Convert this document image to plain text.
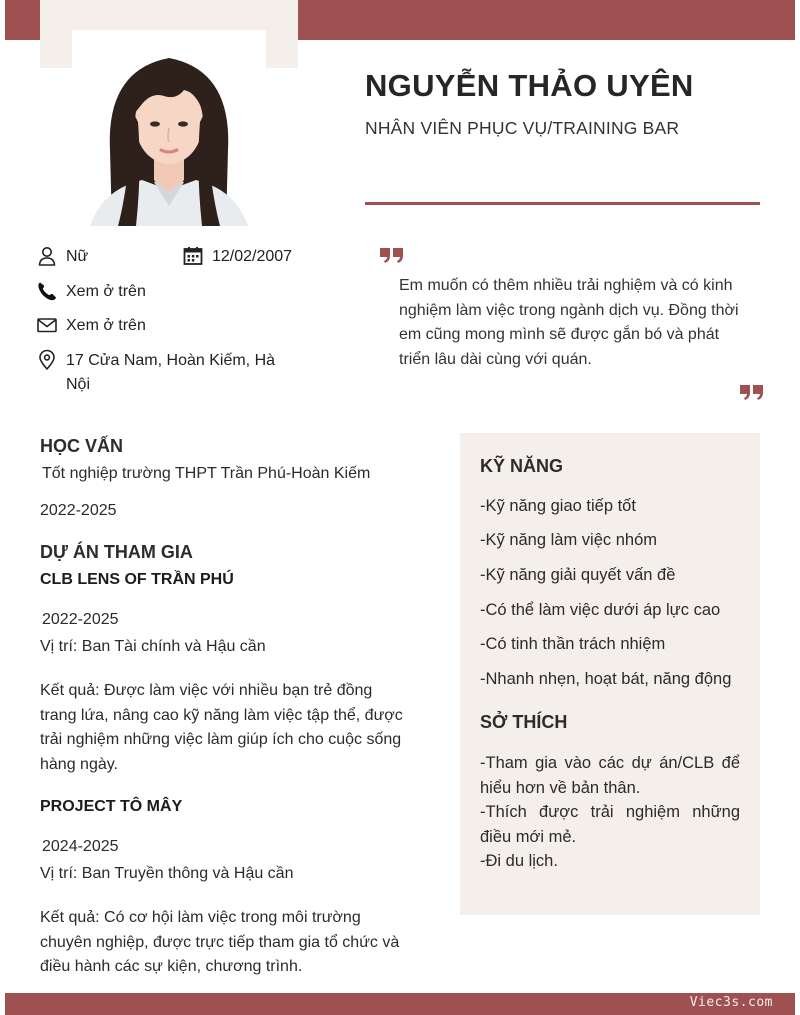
NGUYỄN THẢO UYÊN
NHÂN VIÊN PHỤC VỤ/TRAINING BAR
Nữ	12/02/2007
Xem ở trên
Xem ở trên
17 Cửa Nam, Hoàn Kiếm, Hà Nội
Em muốn có thêm nhiều trải nghiệm và có kinh nghiệm làm việc trong ngành dịch vụ. Đồng thời em cũng mong mình sẽ được gắn bó và phát triển lâu dài cùng với quán.
HỌC VẤN
Tốt nghiệp trường THPT Trần Phú-Hoàn Kiếm
2022-2025
DỰ ÁN THAM GIA
CLB LENS OF TRẦN PHÚ
2022-2025
Vị trí: Ban Tài chính và Hậu cần
Kết quả: Được làm việc với nhiều bạn trẻ đồng trang lứa, nâng cao kỹ năng làm việc tập thể, được trải nghiệm những việc làm giúp ích cho cuộc sống hàng ngày.
PROJECT TÔ MÂY
2024-2025
Vị trí: Ban Truyền thông và Hậu cần
Kết quả: Có cơ hội làm việc trong môi trường chuyên nghiệp, được trực tiếp tham gia tổ chức và điều hành các sự kiện, chương trình.
KỸ NĂNG
-Kỹ năng giao tiếp tốt
-Kỹ năng làm việc nhóm
-Kỹ năng giải quyết vấn đề
-Có thể làm việc dưới áp lực cao
-Có tinh thần trách nhiệm
-Nhanh nhẹn, hoạt bát, năng động
SỞ THÍCH
-Tham gia vào các dự án/CLB để hiểu hơn về bản thân.
-Thích được trải nghiệm những điều mới mẻ.
-Đi du lịch.
Viec3s.com
